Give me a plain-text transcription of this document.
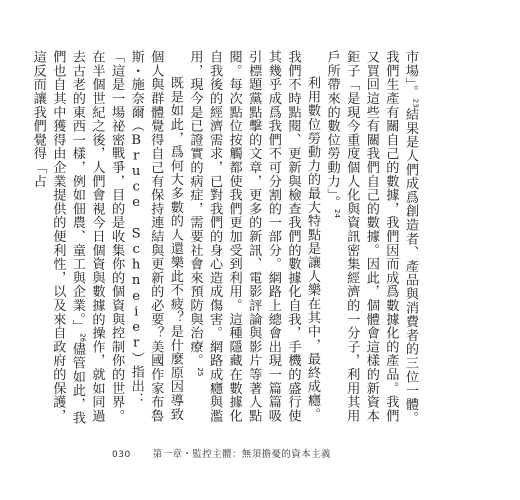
市場」。$^{23}$結果是人們成爲創造者、產品與消費者的三位一體。我們生產有關自己的數據，我們因而成爲數據化的產品。我們又買回這些有關我們自己的數據。因此，個體會這樣的新資本鉅子「是現今重度個人化與資訊密集經濟的一分子，利用其用戶所帶來的數位勞動力」。$^{24}$

利用數位勞動力的最大特點是讓人樂在其中，最終成癮。我們不時點閱、更新與檢查我們的數據化自我，手機的盛行使其幾乎成爲我們不可分割的一部分。網路上總會出現一篇篇吸引標題黨點擊的文章，更多的新訊、電影評論與影片等著人點閱。每次點位按觸都使我們更加受到利用。這種隱藏在數據化自我後的經濟需求，已對我們的身心造成傷害。網路成癮與濫用，現今是已證實的病症，需要社會來預防與治療。$^{25}$

既是如此，爲何大多數的人還樂此不疲？是什麼原因導致個人與群體覺得自己有保持連結與更新的必要？美國作家布魯斯・施奈爾（Bruce Schneier）指出：「這是一場祕密戰爭，目的是收集你的個資與控制你的世界。在半個世紀之後，人們會視今日個資與數據的操作，就如同過去古老的東西一樣，例如佃農、童工與企業。」$^{26}$儘管如此，我們也自其中獲得由企業提供的便利性，以及來自政府的保護，這反而讓我們覺得「占

030 第一章・監控主體：無須擔憂的資本主義
